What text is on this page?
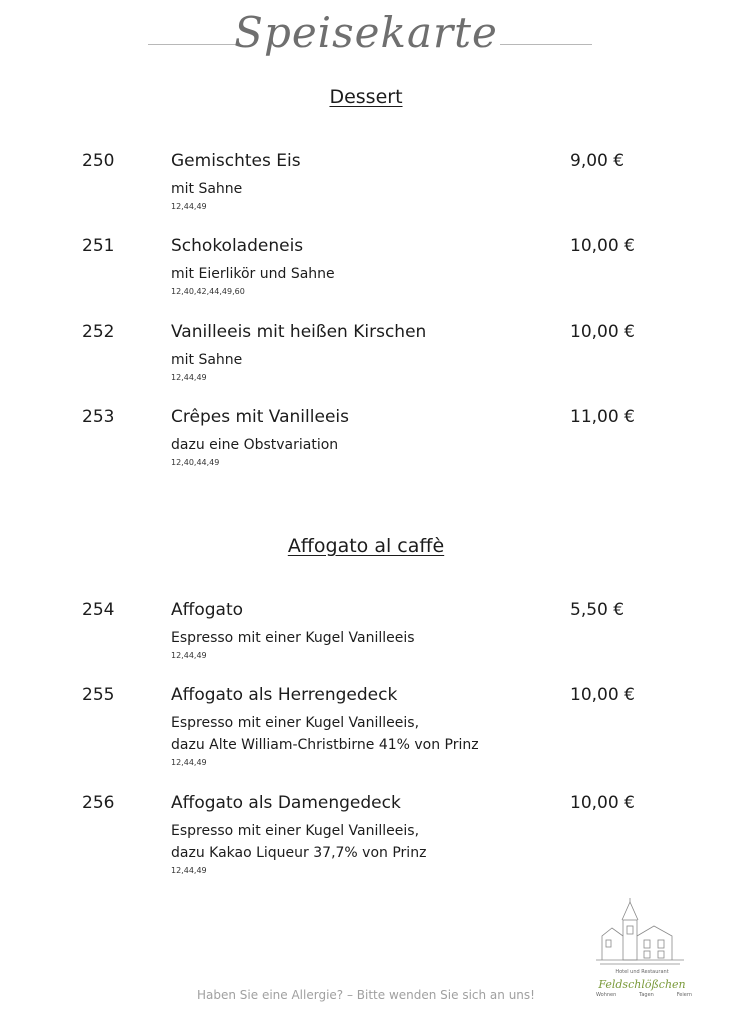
Speisekarte
Dessert
250	Gemischtes Eis	9,00 €
mit Sahne
12,44,49
251	Schokoladeneis	10,00 €
mit Eierlikör und Sahne
12,40,42,44,49,60
252	Vanilleeis mit heißen Kirschen	10,00 €
mit Sahne
12,44,49
253	Crêpes mit Vanilleeis	11,00 €
dazu eine Obstvariation
12,40,44,49
Affogato al caffè
254	Affogato	5,50 €
Espresso mit einer Kugel Vanilleeis
12,44,49
255	Affogato als Herrengedeck	10,00 €
Espresso mit einer Kugel Vanilleeis,
dazu Alte William-Christbirne 41% von Prinz
12,44,49
256	Affogato als Damengedeck	10,00 €
Espresso mit einer Kugel Vanilleeis,
dazu Kakao Liqueur 37,7% von Prinz
12,44,49
Hotel und Restaurant
Feldschlößchen
Wohnen	Tagen	Feiern
Haben Sie eine Allergie? – Bitte wenden Sie sich an uns!
